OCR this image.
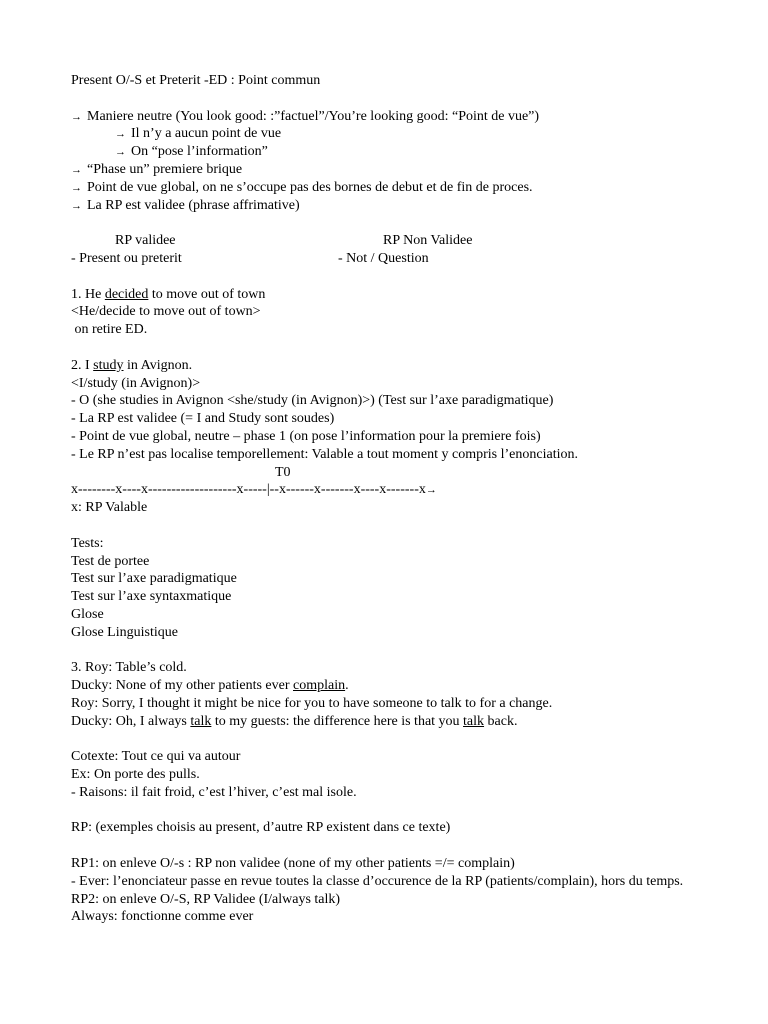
Present O/-S et Preterit -ED : Point commun
→ Maniere neutre (You look good: :”factuel”/You’re looking good: “Point de vue”)
→ Il n’y a aucun point de vue
→ On “pose l’information”
→ “Phase un” premiere brique
→ Point de vue global, on ne s’occupe pas des bornes de debut et de fin de proces.
→ La RP est validee (phrase affrimative)

RP validee

	RP Non Validee

- Present ou preterit

	- Not / Question

1. He decided to move out of town
<He/decide to move out of town>
on retire ED.
2. I study in Avignon.
<I/study (in Avignon)>
- O (she studies in Avignon <she/study (in Avignon)>) (Test sur l’axe paradigmatique)
- La RP est validee (= I and Study sont soudes)
- Point de vue global, neutre – phase 1 (on pose l’information pour la premiere fois)
- Le RP n’est pas localise temporellement: Valable a tout moment y compris l’enonciation.
T0
x--------x----x-------------------x-----|--x------x-------x----x-------x→
x: RP Valable
Tests:
Test de portee
Test sur l’axe paradigmatique
Test sur l’axe syntaxmatique
Glose
Glose Linguistique
3. Roy: Table’s cold.
Ducky: None of my other patients ever complain.
Roy: Sorry, I thought it might be nice for you to have someone to talk to for a change.
Ducky: Oh, I always talk to my guests: the difference here is that you talk back.
Cotexte: Tout ce qui va autour
Ex: On porte des pulls.
- Raisons: il fait froid, c’est l’hiver, c’est mal isole.
RP: (exemples choisis au present, d’autre RP existent dans ce texte)
RP1: on enleve O/-s : RP non validee (none of my other patients =/= complain)
- Ever: l’enonciateur passe en revue toutes la classe d’occurence de la RP (patients/complain), hors du temps.
RP2: on enleve O/-S, RP Validee (I/always talk)
Always: fonctionne comme ever
